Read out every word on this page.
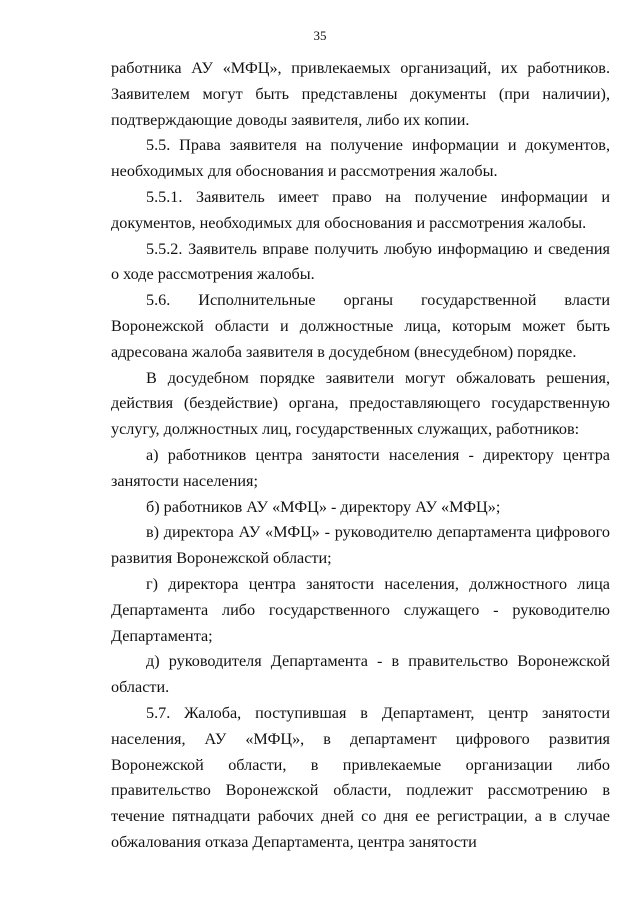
35

работника АУ «МФЦ», привлекаемых организаций, их работников. Заявителем могут быть представлены документы (при наличии), подтверждающие доводы заявителя, либо их копии.

5.5. Права заявителя на получение информации и документов, необходимых для обоснования и рассмотрения жалобы.

5.5.1. Заявитель имеет право на получение информации и документов, необходимых для обоснования и рассмотрения жалобы.

5.5.2. Заявитель вправе получить любую информацию и сведения о ходе рассмотрения жалобы.

5.6. Исполнительные органы государственной власти Воронежской области и должностные лица, которым может быть адресована жалоба заявителя в досудебном (внесудебном) порядке.

В досудебном порядке заявители могут обжаловать решения, действия (бездействие) органа, предоставляющего государственную услугу, должностных лиц, государственных служащих, работников:

а) работников центра занятости населения - директору центра занятости населения;

б) работников АУ «МФЦ» - директору АУ «МФЦ»;

в) директора АУ «МФЦ» - руководителю департамента цифрового развития Воронежской области;

г) директора центра занятости населения, должностного лица Департамента либо государственного служащего - руководителю Департамента;

д) руководителя Департамента - в правительство Воронежской области.

5.7. Жалоба, поступившая в Департамент, центр занятости населения, АУ «МФЦ», в департамент цифрового развития Воронежской области, в привлекаемые организации либо правительство Воронежской области, подлежит рассмотрению в течение пятнадцати рабочих дней со дня ее регистрации, а в случае обжалования отказа Департамента, центра занятости
